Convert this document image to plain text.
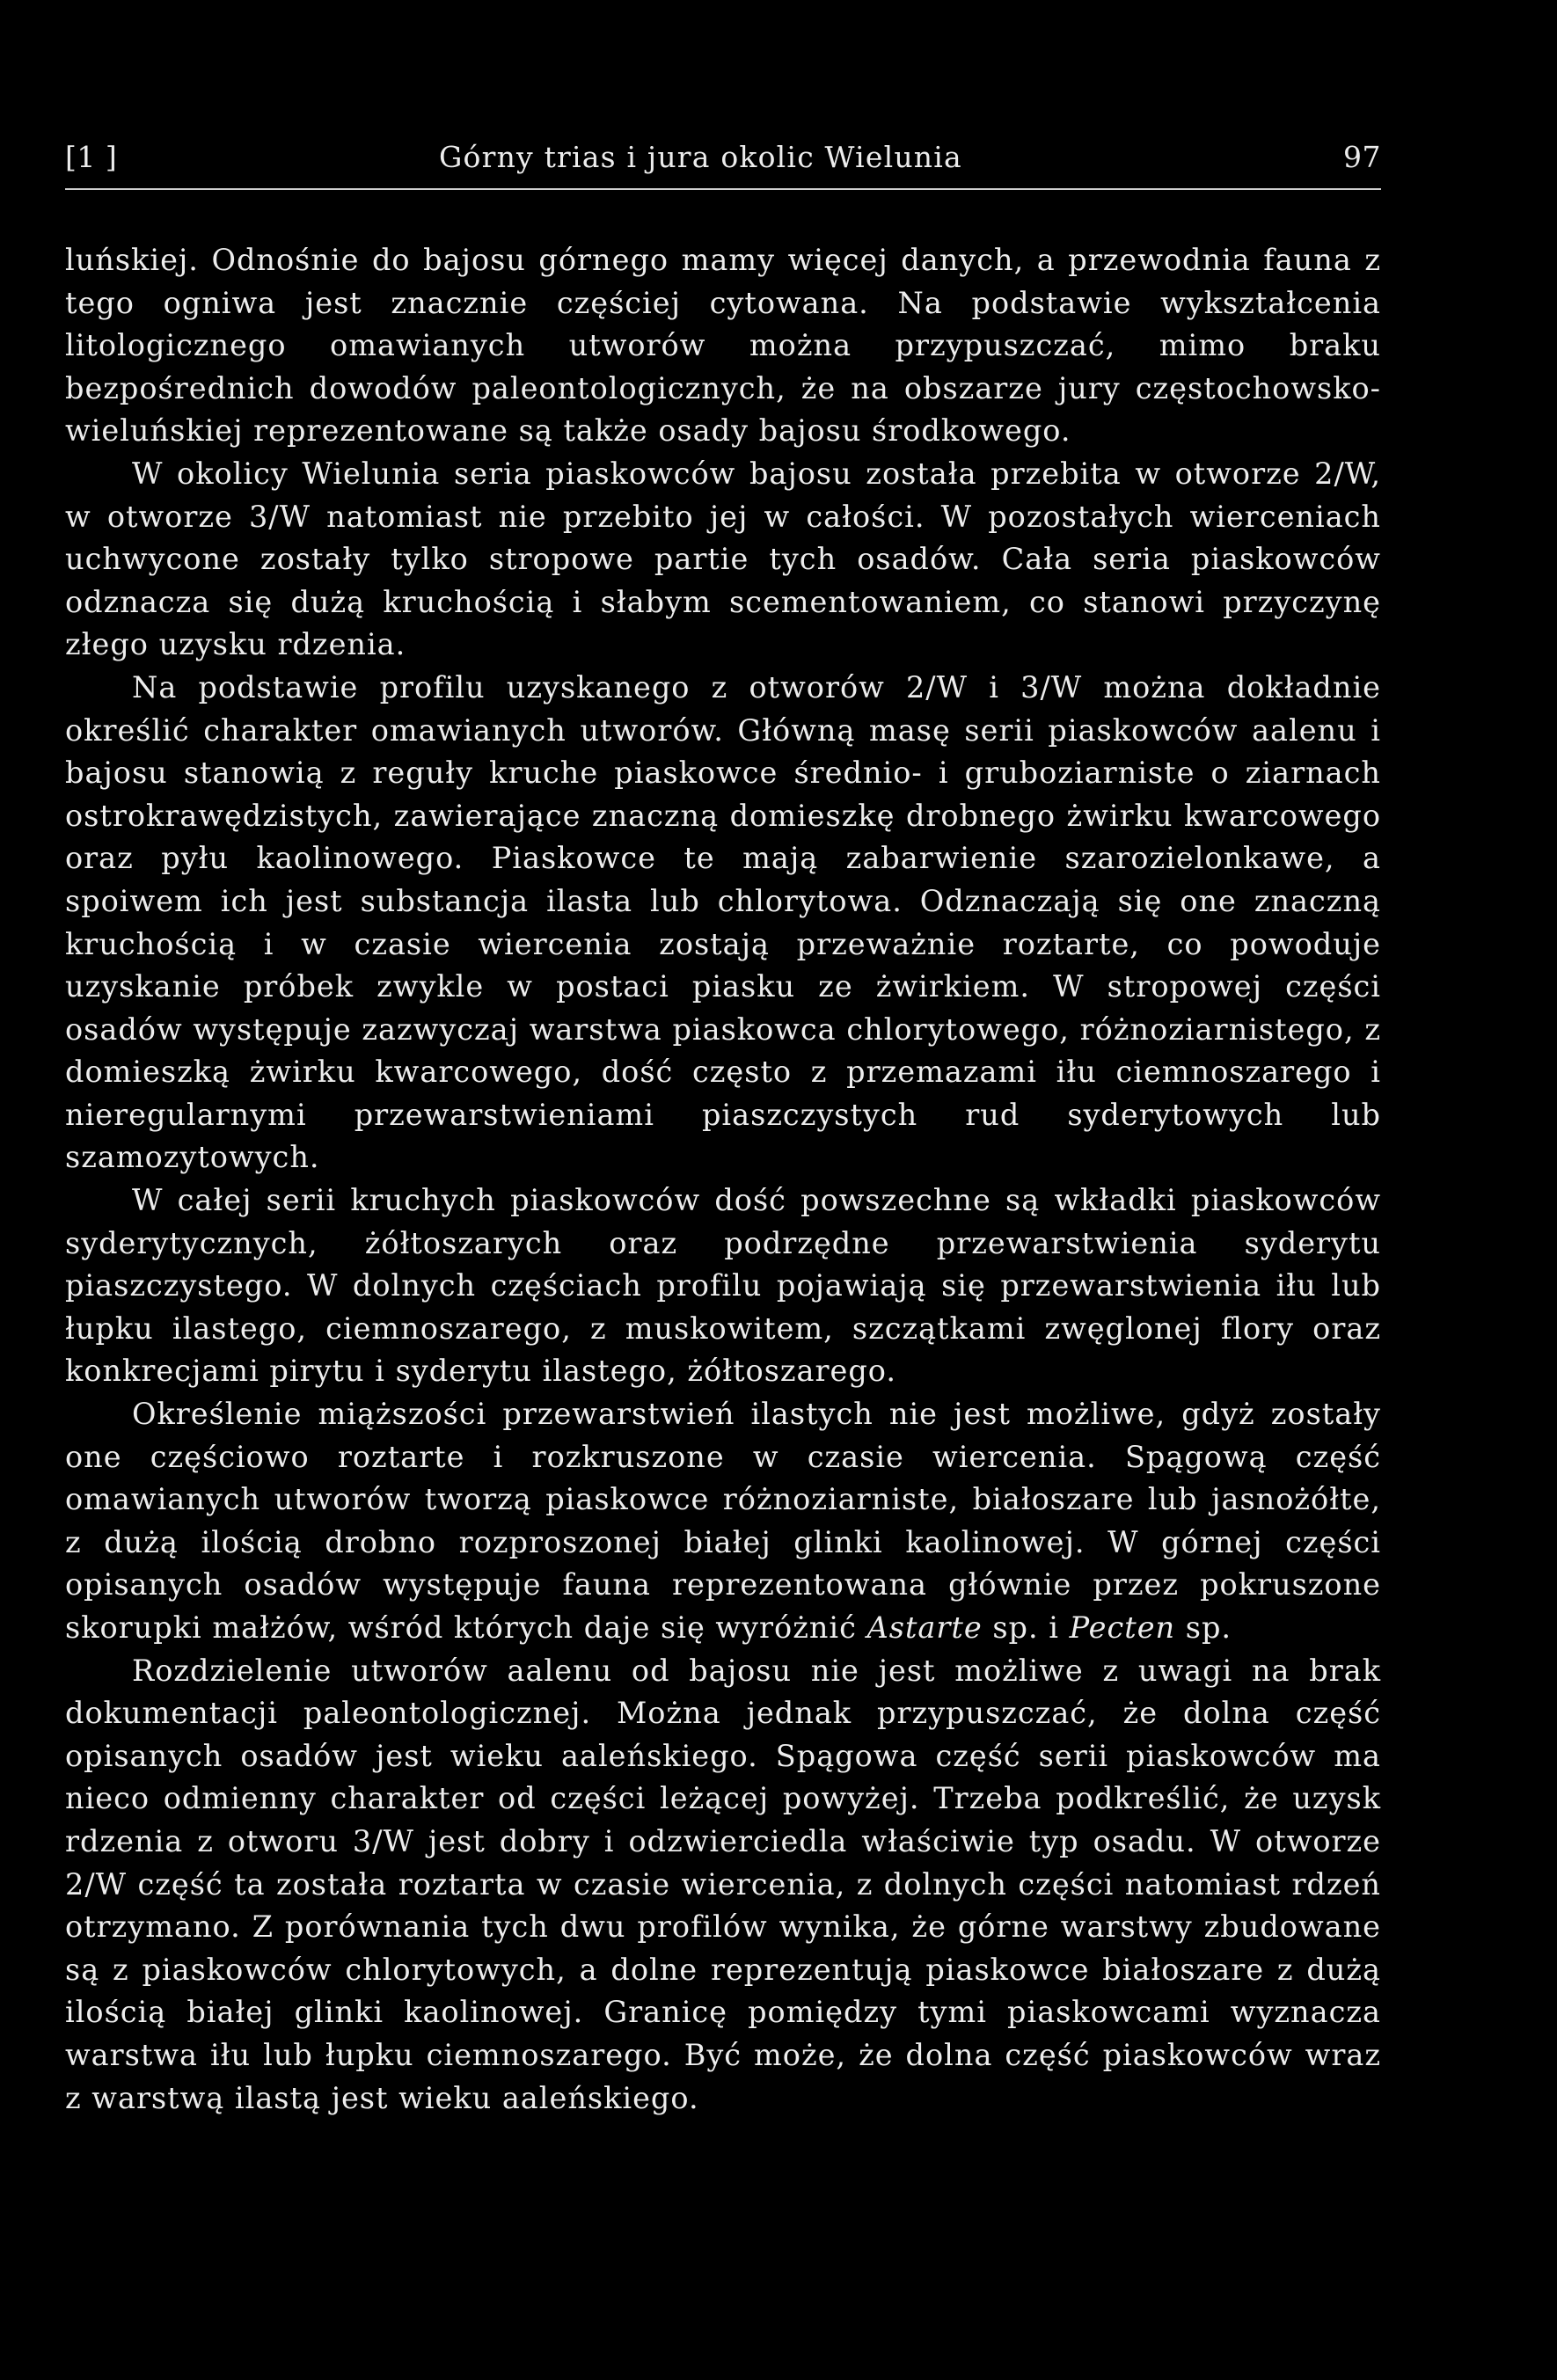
[1 ]	Górny trias i jura okolic Wielunia	97

luńskiej. Odnośnie do bajosu górnego mamy więcej danych, a przewodnia fauna z tego ogniwa jest znacznie częściej cytowana. Na podstawie wykształcenia litologicznego omawianych utworów można przypuszczać, mimo braku bezpośrednich dowodów paleontologicznych, że na obszarze jury częstochowsko-wieluńskiej reprezentowane są także osady bajosu środkowego.

W okolicy Wielunia seria piaskowców bajosu została przebita w otworze 2/W, w otworze 3/W natomiast nie przebito jej w całości. W pozostałych wierceniach uchwycone zostały tylko stropowe partie tych osadów. Cała seria piaskowców odznacza się dużą kruchością i słabym scementowaniem, co stanowi przyczynę złego uzysku rdzenia.

Na podstawie profilu uzyskanego z otworów 2/W i 3/W można dokładnie określić charakter omawianych utworów. Główną masę serii piaskowców aalenu i bajosu stanowią z reguły kruche piaskowce średnio- i gruboziarniste o ziarnach ostrokrawędzistych, zawierające znaczną domieszkę drobnego żwirku kwarcowego oraz pyłu kaolinowego. Piaskowce te mają zabarwienie szarozielonkawe, a spoiwem ich jest substancja ilasta lub chlorytowa. Odznaczają się one znaczną kruchością i w czasie wiercenia zostają przeważnie roztarte, co powoduje uzyskanie próbek zwykle w postaci piasku ze żwirkiem. W stropowej części osadów występuje zazwyczaj warstwa piaskowca chlorytowego, różnoziarnistego, z domieszką żwirku kwarcowego, dość często z przemazami iłu ciemnoszarego i nieregularnymi przewarstwieniami piaszczystych rud syderytowych lub szamozytowych.

W całej serii kruchych piaskowców dość powszechne są wkładki piaskowców syderytycznych, żółtoszarych oraz podrzędne przewarstwienia syderytu piaszczystego. W dolnych częściach profilu pojawiają się przewarstwienia iłu lub łupku ilastego, ciemnoszarego, z muskowitem, szczątkami zwęglonej flory oraz konkrecjami pirytu i syderytu ilastego, żółtoszarego.

Określenie miąższości przewarstwień ilastych nie jest możliwe, gdyż zostały one częściowo roztarte i rozkruszone w czasie wiercenia. Spągową część omawianych utworów tworzą piaskowce różnoziarniste, białoszare lub jasnożółte, z dużą ilością drobno rozproszonej białej glinki kaolinowej. W górnej części opisanych osadów występuje fauna reprezentowana głównie przez pokruszone skorupki małżów, wśród których daje się wyróżnić Astarte sp. i Pecten sp.

Rozdzielenie utworów aalenu od bajosu nie jest możliwe z uwagi na brak dokumentacji paleontologicznej. Można jednak przypuszczać, że dolna część opisanych osadów jest wieku aaleńskiego. Spągowa część serii piaskowców ma nieco odmienny charakter od części leżącej powyżej. Trzeba podkreślić, że uzysk rdzenia z otworu 3/W jest dobry i odzwierciedla właściwie typ osadu. W otworze 2/W część ta została roztarta w czasie wiercenia, z dolnych części natomiast rdzeń otrzymano. Z porównania tych dwu profilów wynika, że górne warstwy zbudowane są z piaskowców chlorytowych, a dolne reprezentują piaskowce białoszare z dużą ilością białej glinki kaolinowej. Granicę pomiędzy tymi piaskowcami wyznacza warstwa iłu lub łupku ciemnoszarego. Być może, że dolna część piaskowców wraz z warstwą ilastą jest wieku aaleńskiego.
